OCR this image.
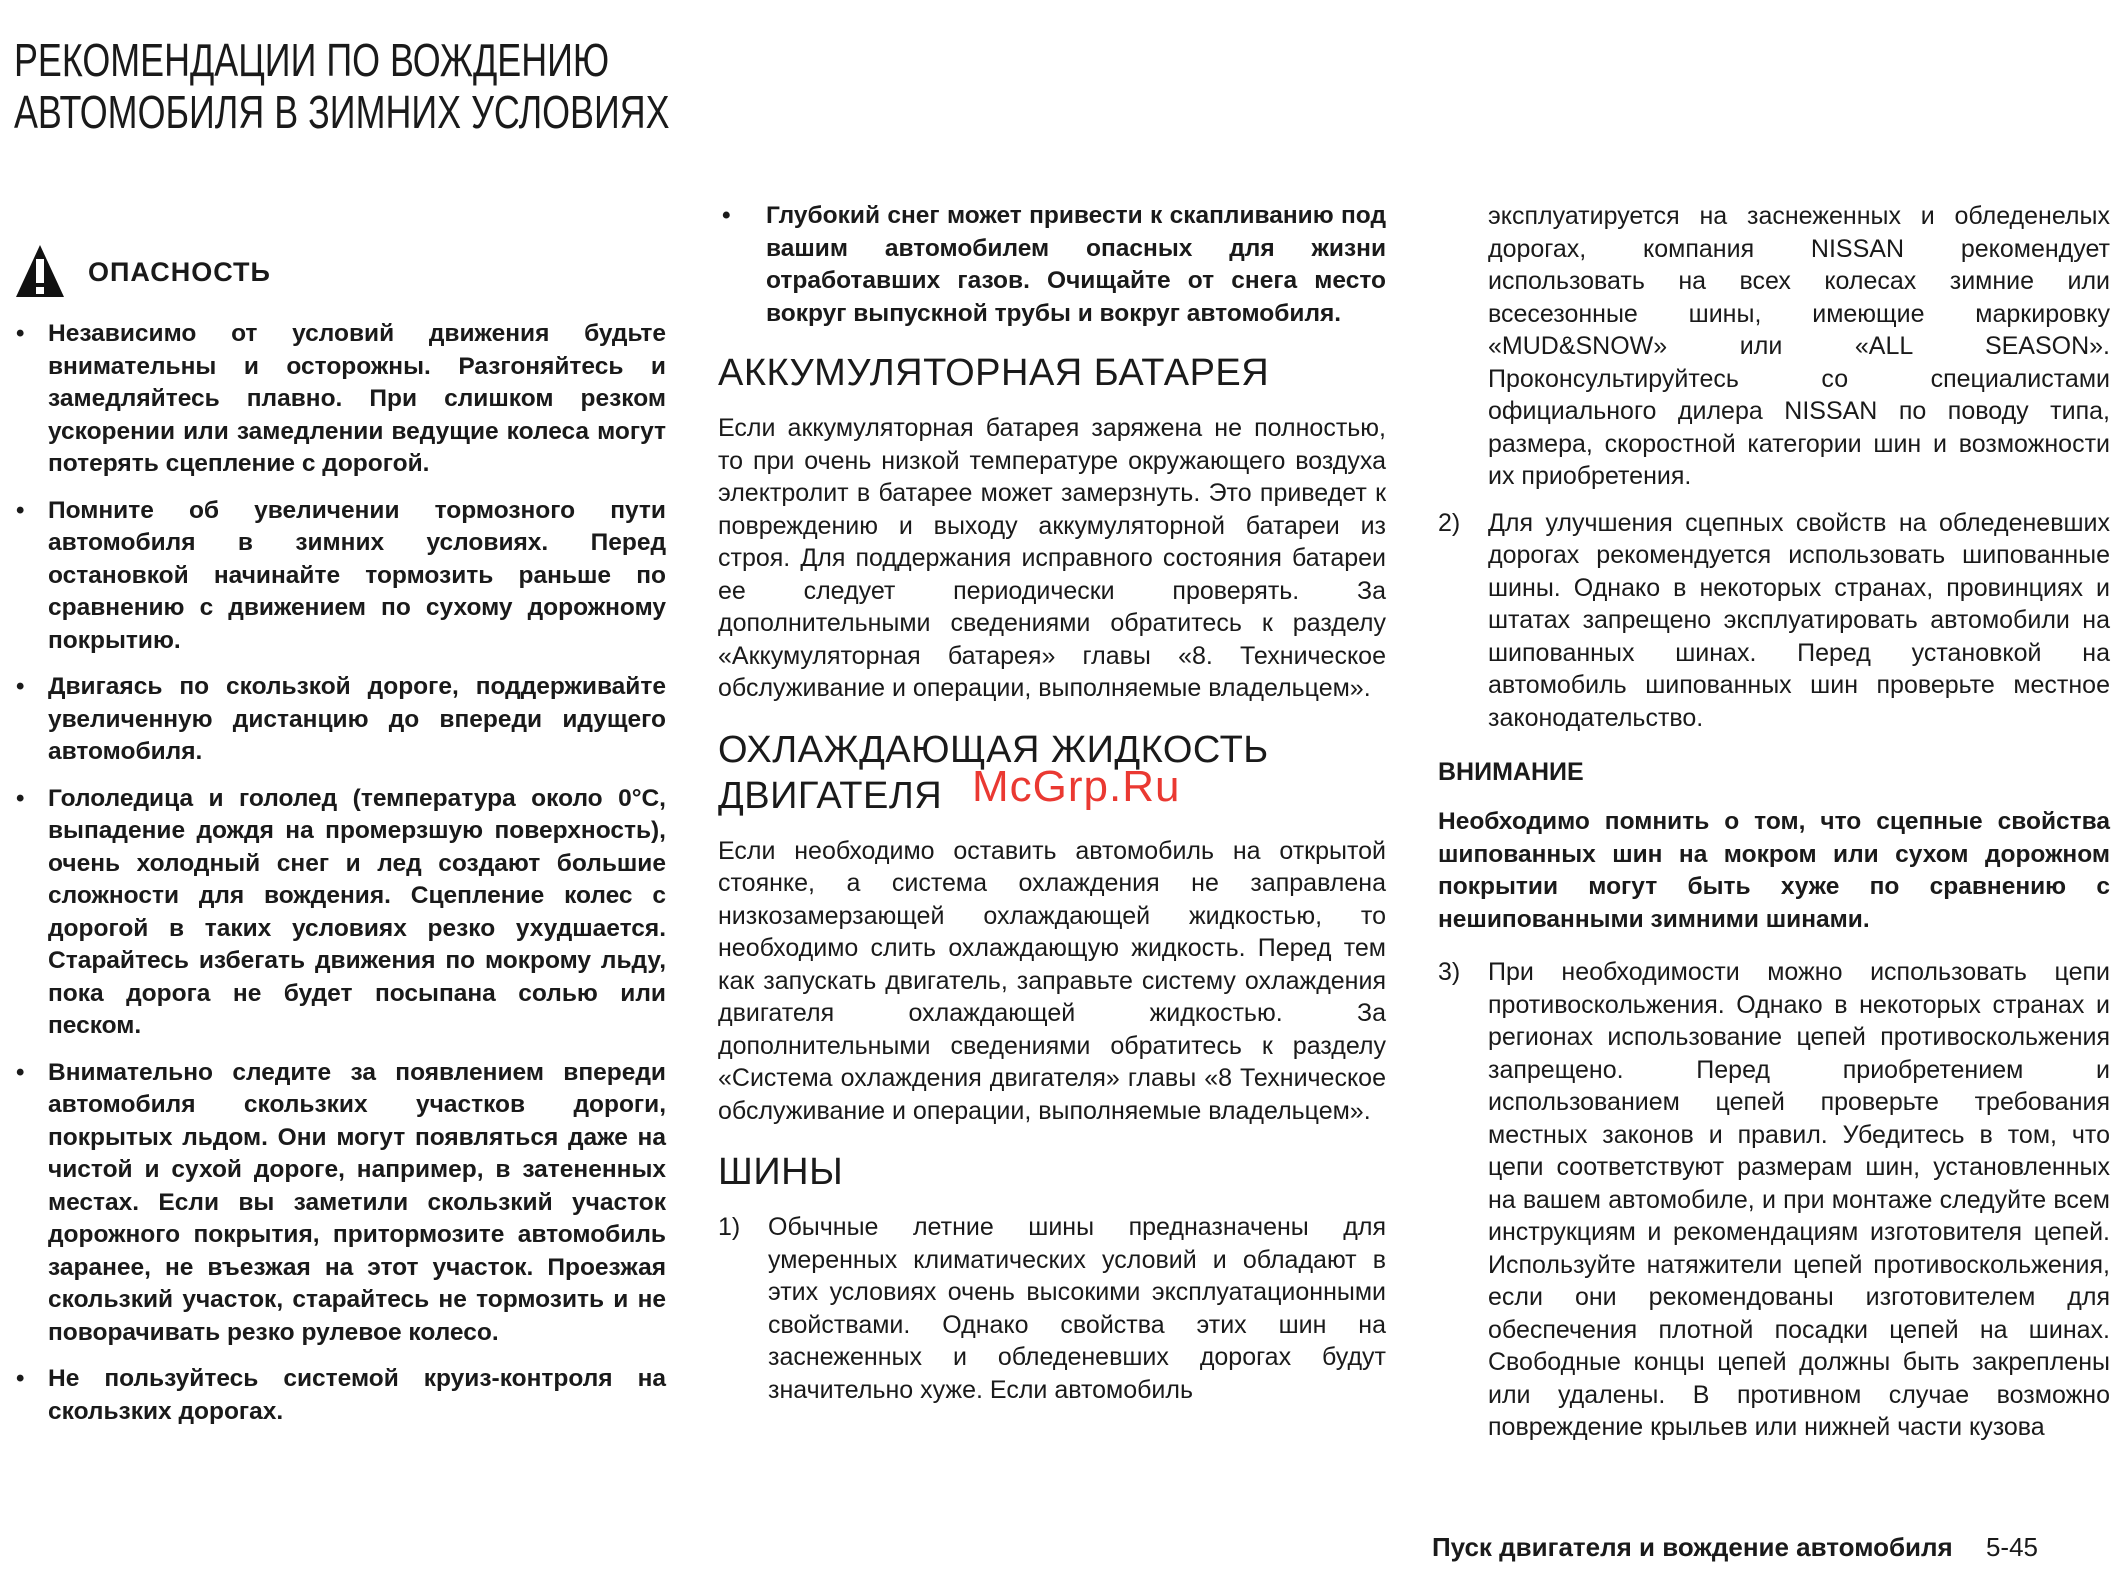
РЕКОМЕНДАЦИИ ПО ВОЖДЕНИЮ АВТОМОБИЛЯ В ЗИМНИХ УСЛОВИЯХ
ОПАСНОСТЬ
• Независимо от условий движения будьте внимательны и осторожны. Разгоняйтесь и замедляйтесь плавно. При слишком резком ускорении или замедлении ведущие колеса могут потерять сцепление с дорогой.
• Помните об увеличении тормозного пути автомобиля в зимних условиях. Перед остановкой начинайте тормозить раньше по сравнению с движением по сухому дорожному покрытию.
• Двигаясь по скользкой дороге, поддерживайте увеличенную дистанцию до впереди идущего автомобиля.
• Гололедица и гололед (температура около 0°С, выпадение дождя на промерзшую поверхность), очень холодный снег и лед создают большие сложности для вождения. Сцепление колес с дорогой в таких условиях резко ухудшается. Старайтесь избегать движения по мокрому льду, пока дорога не будет посыпана солью или песком.
• Внимательно следите за появлением впереди автомобиля скользких участков дороги, покрытых льдом. Они могут появляться даже на чистой и сухой дороге, например, в затененных местах. Если вы заметили скользкий участок дорожного покрытия, притормозите автомобиль заранее, не въезжая на этот участок. Проезжая скользкий участок, старайтесь не тормозить и не поворачивать резко рулевое колесо.
• Не пользуйтесь системой круиз-контроля на скользких дорогах.
• Глубокий снег может привести к скапливанию под вашим автомобилем опасных для жизни отработавших газов. Очищайте от снега место вокруг выпускной трубы и вокруг автомобиля.
АККУМУЛЯТОРНАЯ БАТАРЕЯ

Если аккумуляторная батарея заряжена не полностью, то при очень низкой температуре окружающего воздуха электролит в батарее может замерзнуть. Это приведет к повреждению и выходу аккумуляторной батареи из строя. Для поддержания исправного состояния батареи ее следует периодически проверять. За дополнительными сведениями обратитесь к разделу «Аккумуляторная батарея» главы «8. Техническое обслуживание и операции, выполняемые владельцем».

ОХЛАЖДАЮЩАЯ ЖИДКОСТЬ ДВИГАТЕЛЯ

Если необходимо оставить автомобиль на открытой стоянке, а система охлаждения не заправлена низкозамерзающей охлаждающей жидкостью, то необходимо слить охлаждающую жидкость. Перед тем как запускать двигатель, заправьте систему охлаждения двигателя охлаждающей жидкостью. За дополнительными сведениями обратитесь к разделу «Система охлаждения двигателя» главы «8 Техническое обслуживание и операции, выполняемые владельцем».

ШИНЫ
1) Обычные летние шины предназначены для умеренных климатических условий и обладают в этих условиях очень высокими эксплуатационными свойствами. Однако свойства этих шин на заснеженных и обледеневших дорогах будут значительно хуже. Если автомобиль
эксплуатируется на заснеженных и обледенелых дорогах, компания NISSAN рекомендует использовать на всех колесах зимние или всесезонные шины, имеющие маркировку «MUD&SNOW» или «ALL SEASON». Проконсультируйтесь со специалистами официального дилера NISSAN по поводу типа, размера, скоростной категории шин и возможности их приобретения.
2) Для улучшения сцепных свойств на обледеневших дорогах рекомендуется использовать шипованные шины. Однако в некоторых странах, провинциях и штатах запрещено эксплуатировать автомобили на шипованных шинах. Перед установкой на автомобиль шипованных шин проверьте местное законодательство.
ВНИМАНИЕ
Необходимо помнить о том, что сцепные свойства шипованных шин на мокром или сухом дорожном покрытии могут быть хуже по сравнению с нешипованными зимними шинами.
3) При необходимости можно использовать цепи противоскольжения. Однако в некоторых странах и регионах использование цепей противоскольжения запрещено. Перед приобретением и использованием цепей проверьте требования местных законов и правил. Убедитесь в том, что цепи соответствуют размерам шин, установленных на вашем автомобиле, и при монтаже следуйте всем инструкциям и рекомендациям изготовителя цепей. Используйте натяжители цепей противоскольжения, если они рекомендованы изготовителем для обеспечения плотной посадки цепей на шинах. Свободные концы цепей должны быть закреплены или удалены. В противном случае возможно повреждение крыльев или нижней части кузова
McGrp.Ru
Пуск двигателя и вождение автомобиля 5-45
